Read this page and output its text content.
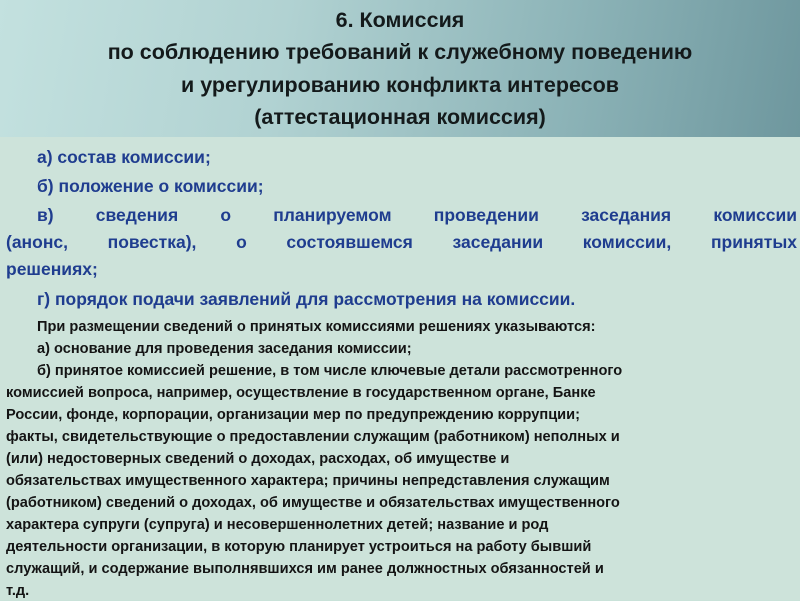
6. Комиссия
по соблюдению требований к служебному поведению
и урегулированию конфликта интересов
(аттестационная комиссия)
а) состав комиссии;
б) положение о комиссии;
в) сведения о планируемом проведении заседания комиссии
(анонс, повестка), о состоявшемся заседании комиссии, принятых
решениях;
г) порядок подачи заявлений для рассмотрения на комиссии.
При размещении сведений о принятых комиссиями решениях указываются:
а) основание для проведения заседания комиссии;
б) принятое комиссией решение, в том числе ключевые детали рассмотренного
комиссией вопроса, например, осуществление в государственном органе, Банке
России, фонде, корпорации, организации мер по предупреждению коррупции;
факты, свидетельствующие о предоставлении служащим (работником) неполных и
(или) недостоверных сведений о доходах, расходах, об имуществе и
обязательствах имущественного характера; причины непредставления служащим
(работником) сведений о доходах, об имуществе и обязательствах имущественного
характера супруги (супруга) и несовершеннолетних детей; название и род
деятельности организации, в которую планирует устроиться на работу бывший
служащий, и содержание выполнявшихся им ранее должностных обязанностей и
т.д.
